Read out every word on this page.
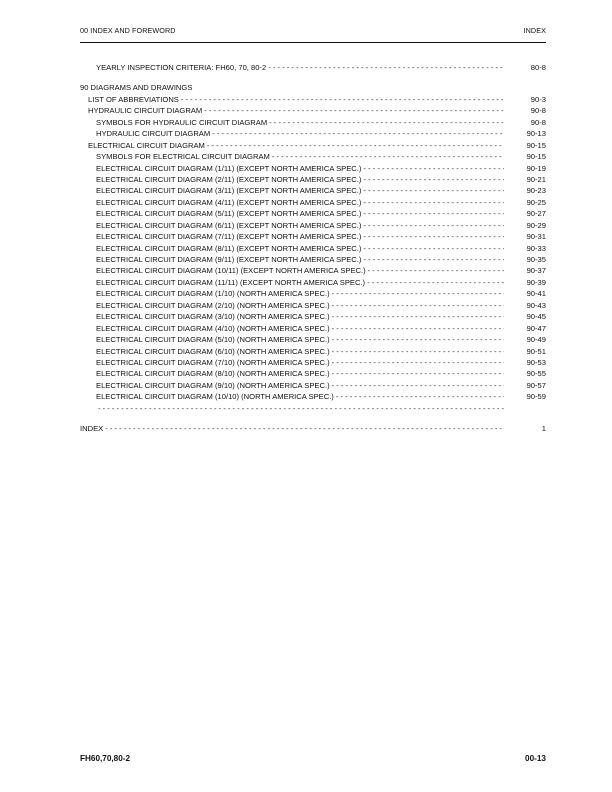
00 INDEX AND FOREWORD	INDEX
YEARLY INSPECTION CRITERIA: FH60, 70, 80-2 - - -	80-8
90 DIAGRAMS AND DRAWINGS
LIST OF ABBREVIATIONS - - -	90-3
HYDRAULIC CIRCUIT DIAGRAM - - -	90-8
SYMBOLS FOR HYDRAULIC CIRCUIT DIAGRAM - - -	90-8
HYDRAULIC CIRCUIT DIAGRAM - - -	90-13
ELECTRICAL CIRCUIT DIAGRAM - - -	90-15
SYMBOLS FOR ELECTRICAL CIRCUIT DIAGRAM - - -	90-15
ELECTRICAL CIRCUIT DIAGRAM (1/11) (EXCEPT NORTH AMERICA SPEC.) - - -	90-19
ELECTRICAL CIRCUIT DIAGRAM (2/11) (EXCEPT NORTH AMERICA SPEC.) - - -	90-21
ELECTRICAL CIRCUIT DIAGRAM (3/11) (EXCEPT NORTH AMERICA SPEC.) - - -	90-23
ELECTRICAL CIRCUIT DIAGRAM (4/11) (EXCEPT NORTH AMERICA SPEC.) - - -	90-25
ELECTRICAL CIRCUIT DIAGRAM (5/11) (EXCEPT NORTH AMERICA SPEC.) - - -	90-27
ELECTRICAL CIRCUIT DIAGRAM (6/11) (EXCEPT NORTH AMERICA SPEC.) - - -	90-29
ELECTRICAL CIRCUIT DIAGRAM (7/11) (EXCEPT NORTH AMERICA SPEC.) - - -	90-31
ELECTRICAL CIRCUIT DIAGRAM (8/11) (EXCEPT NORTH AMERICA SPEC.) - - -	90-33
ELECTRICAL CIRCUIT DIAGRAM (9/11) (EXCEPT NORTH AMERICA SPEC.) - - -	90-35
ELECTRICAL CIRCUIT DIAGRAM (10/11) (EXCEPT NORTH AMERICA SPEC.) - - -	90-37
ELECTRICAL CIRCUIT DIAGRAM (11/11) (EXCEPT NORTH AMERICA SPEC.) - - -	90-39
ELECTRICAL CIRCUIT DIAGRAM (1/10) (NORTH AMERICA SPEC.) - - -	90-41
ELECTRICAL CIRCUIT DIAGRAM (2/10) (NORTH AMERICA SPEC.) - - -	90-43
ELECTRICAL CIRCUIT DIAGRAM (3/10) (NORTH AMERICA SPEC.) - - -	90-45
ELECTRICAL CIRCUIT DIAGRAM (4/10) (NORTH AMERICA SPEC.) - - -	90-47
ELECTRICAL CIRCUIT DIAGRAM (5/10) (NORTH AMERICA SPEC.) - - -	90-49
ELECTRICAL CIRCUIT DIAGRAM (6/10) (NORTH AMERICA SPEC.) - - -	90-51
ELECTRICAL CIRCUIT DIAGRAM (7/10) (NORTH AMERICA SPEC.) - - -	90-53
ELECTRICAL CIRCUIT DIAGRAM (8/10) (NORTH AMERICA SPEC.) - - -	90-55
ELECTRICAL CIRCUIT DIAGRAM (9/10) (NORTH AMERICA SPEC.) - - -	90-57
ELECTRICAL CIRCUIT DIAGRAM (10/10) (NORTH AMERICA SPEC.) - - -	90-59
- - -
INDEX - - -	1
FH60,70,80-2	00-13
